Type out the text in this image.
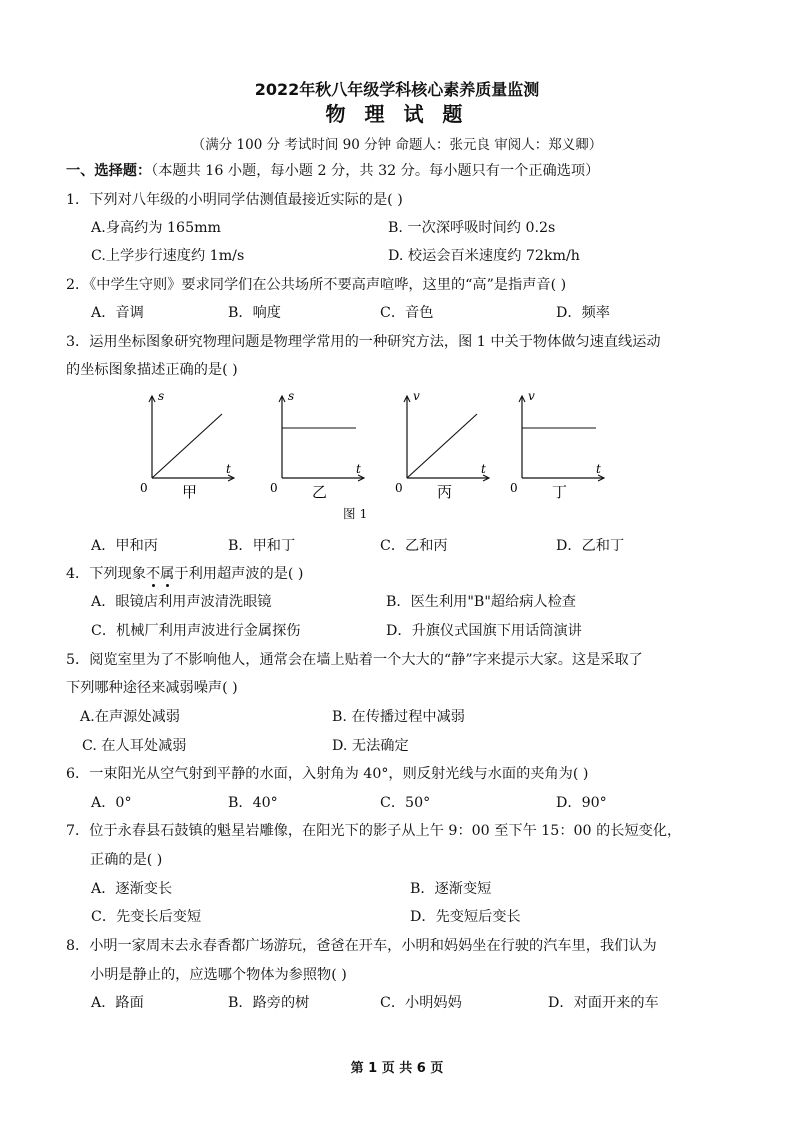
2022年秋八年级学科核心素养质量监测
物 理 试 题
（满分 100 分 考试时间 90 分钟 命题人：张元良 审阅人：郑义卿）
一、选择题：（本题共 16 小题，每小题 2 分，共 32 分。每小题只有一个正确选项）
1．下列对八年级的小明同学估测值最接近实际的是( )
A.身高约为 165mm	B. 一次深呼吸时间约 0.2s
C.上学步行速度约 1m/s	D. 校运会百米速度约 72km/h
2．《中学生守则》要求同学们在公共场所不要高声喧哗，这里的“高”是指声音( )
A．音调	B．响度	C．音色	D．频率
3．运用坐标图象研究物理问题是物理学常用的一种研究方法，图 1 中关于物体做匀速直线运动
的坐标图象描述正确的是( )
s
t
0 甲
s
t
0 乙
v
t
0 丙
v
t
0 丁
图 1
A．甲和丙	B．甲和丁	C．乙和丙	D．乙和丁
4．下列现象不属于利用超声波的是( )
A．眼镜店利用声波清洗眼镜	B．医生利用"B"超给病人检查
C．机械厂利用声波进行金属探伤	D．升旗仪式国旗下用话筒演讲
5．阅览室里为了不影响他人，通常会在墙上贴着一个大大的“静”字来提示大家。这是采取了
下列哪种途径来减弱噪声( )
A.在声源处减弱	B. 在传播过程中减弱
C. 在人耳处减弱	D. 无法确定
6．一束阳光从空气射到平静的水面，入射角为 40°，则反射光线与水面的夹角为( )
A．0°	B．40°	C．50°	D．90°
7．位于永春县石鼓镇的魁星岩雕像，在阳光下的影子从上午 9：00 至下午 15：00 的长短变化，
正确的是( )
A．逐渐变长	B．逐渐变短
C．先变长后变短	D．先变短后变长
8．小明一家周末去永春香都广场游玩，爸爸在开车，小明和妈妈坐在行驶的汽车里，我们认为
小明是静止的，应选哪个物体为参照物( )
A．路面	B．路旁的树	C．小明妈妈	D．对面开来的车
第 1 页 共 6 页
